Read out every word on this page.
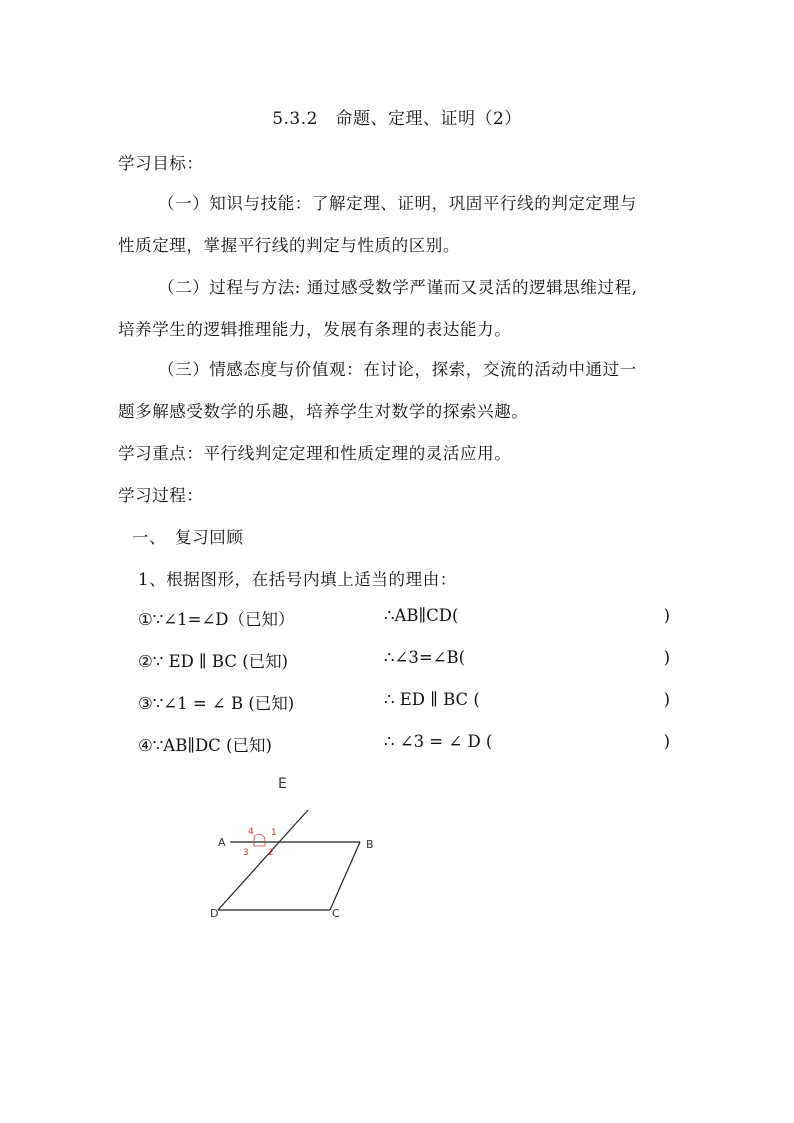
5.3.2　命题、定理、证明（2）
学习目标：
（一）知识与技能：了解定理、证明，巩固平行线的判定定理与
性质定理，掌握平行线的判定与性质的区别。
（二）过程与方法: 通过感受数学严谨而又灵活的逻辑思维过程,
培养学生的逻辑推理能力，发展有条理的表达能力。
（三）情感态度与价值观：在讨论，探索，交流的活动中通过一
题多解感受数学的乐趣，培养学生对数学的探索兴趣。
学习重点：平行线判定定理和性质定理的灵活应用。
学习过程：
一、　复习回顾
1、根据图形，在括号内填上适当的理由：
①∵∠1=∠D（已知）	∴AB∥CD(	)
②∵ ED ∥ BC (已知)	∴∠3=∠B(	)
③∵∠1 = ∠ B (已知)	∴ ED ∥ BC (	)
④∵AB∥DC (已知)	∴ ∠3 = ∠ D (	)
E
A	B
C
D
1
2
3
4
